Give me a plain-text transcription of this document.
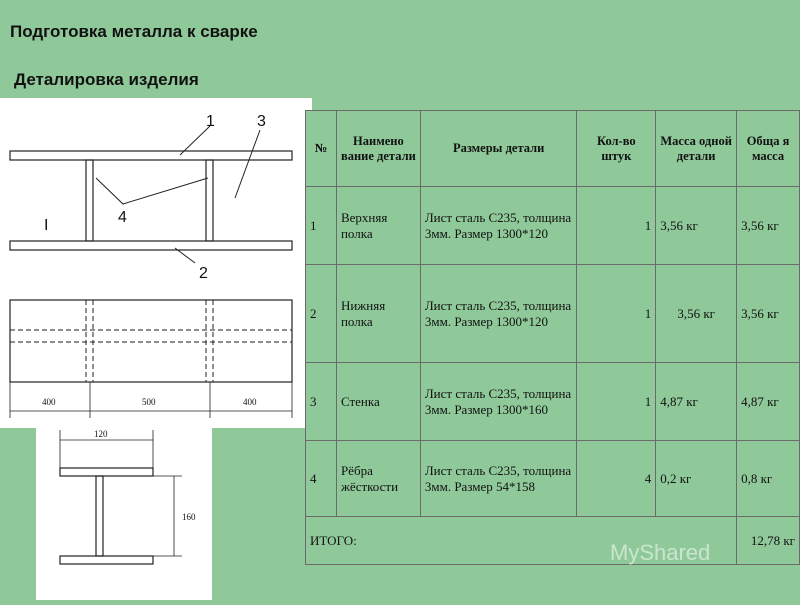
Подготовка металла к сварке
Деталировка изделия
1	3
I	4
2
400	500	400
120
160
№	Наимено вание детали	Размеры детали	Кол-во штук	Масса одной детали	Обща я масса
1	Верхняя полка	Лист сталь С235, толщина 3мм. Размер 1300*120	1	3,56 кг	3,56 кг
2	Нижняя полка	Лист сталь С235, толщина 3мм. Размер 1300*120	1	3,56 кг	3,56 кг
3	Стенка	Лист сталь С235, толщина 3мм. Размер 1300*160	1	4,87 кг	4,87 кг
4	Рёбра жёсткости	Лист сталь С235, толщина 3мм. Размер 54*158	4	0,2 кг	0,8 кг
ИТОГО:					12,78 кг
MyShared
